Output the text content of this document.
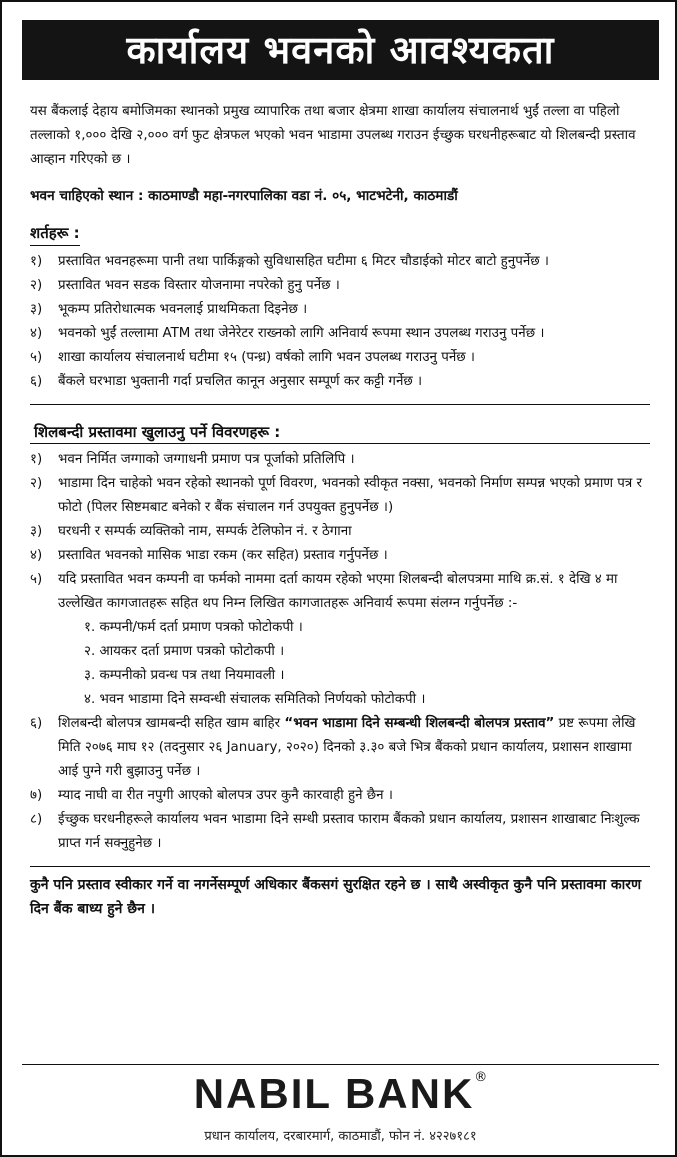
कार्यालय भवनको आवश्यकता

यस बैंकलाई देहाय बमोजिमका स्थानको प्रमुख व्यापारिक तथा बजार क्षेत्रमा शाखा कार्यालय संचालनार्थ भुईं तल्ला वा पहिलो तल्लाको १,००० देखि २,००० वर्ग फुट क्षेत्रफल भएको भवन भाडामा उपलब्ध गराउन ईच्छुक घरधनीहरूबाट यो शिलबन्दी प्रस्ताव आव्हान गरिएको छ ।

भवन चाहिएको स्थान : काठमाण्डौ महा-नगरपालिका वडा नं. ०५, भाटभटेनी, काठमाडौं

शर्तहरू :
१)	प्रस्तावित भवनहरूमा पानी तथा पार्किङ्गको सुविधासहित घटीमा ६ मिटर चौडाईको मोटर बाटो हुनुपर्नेछ ।
२)	प्रस्तावित भवन सडक विस्तार योजनामा नपरेको हुनु पर्नेछ ।
३)	भूकम्प प्रतिरोधात्मक भवनलाई प्राथमिकता दिइनेछ ।
४)	भवनको भुईं तल्लामा ATM तथा जेनेरेटर राख्नको लागि अनिवार्य रूपमा स्थान उपलब्ध गराउनु पर्नेछ ।
५)	शाखा कार्यालय संचालनार्थ घटीमा १५ (पन्ध्र) वर्षको लागि भवन उपलब्ध गराउनु पर्नेछ ।
६)	बैंकले घरभाडा भुक्तानी गर्दा प्रचलित कानून अनुसार सम्पूर्ण कर कट्टी गर्नेछ ।
शिलबन्दी प्रस्तावमा खुलाउनु पर्ने विवरणहरू :
१)	भवन निर्मित जग्गाको जग्गाधनी प्रमाण पत्र पूर्जाको प्रतिलिपि ।
२)	भाडामा दिन चाहेको भवन रहेको स्थानको पूर्ण विवरण, भवनको स्वीकृत नक्सा, भवनको निर्माण सम्पन्न भएको प्रमाण पत्र र फोटो (पिलर सिष्टमबाट बनेको र बैंक संचालन गर्न उपयुक्त हुनुपर्नेछ ।)
३)	घरधनी र सम्पर्क व्यक्तिको नाम, सम्पर्क टेलिफोन नं. र ठेगाना
४)	प्रस्तावित भवनको मासिक भाडा रकम (कर सहित) प्रस्ताव गर्नुपर्नेछ ।
५)	यदि प्रस्तावित भवन कम्पनी वा फर्मको नाममा दर्ता कायम रहेको भएमा शिलबन्दी बोलपत्रमा माथि क्र.सं. १ देखि ४ मा उल्लेखित कागजातहरू सहित थप निम्न लिखित कागजातहरू अनिवार्य रूपमा संलग्न गर्नुपर्नेछ :-

१. कम्पनी/फर्म दर्ता प्रमाण पत्रको फोटोकपी ।

२. आयकर दर्ता प्रमाण पत्रको फोटोकपी ।

३. कम्पनीको प्रवन्ध पत्र तथा नियमावली ।

४. भवन भाडामा दिने सम्वन्धी संचालक समितिको निर्णयको फोटोकपी ।

६)	शिलबन्दी बोलपत्र खामबन्दी सहित खाम बाहिर “भवन भाडामा दिने सम्बन्धी शिलबन्दी बोलपत्र प्रस्ताव” प्रष्ट रूपमा लेखि मिति २०७६ माघ १२ (तदनुसार २६ January, २०२०) दिनको ३.३० बजे भित्र बैंकको प्रधान कार्यालय, प्रशासन शाखामा आई पुग्ने गरी बुझाउनु पर्नेछ ।
७)	म्याद नाघी वा रीत नपुगी आएको बोलपत्र उपर कुनै कारवाही हुने छैन ।
८)	ईच्छुक घरधनीहरूले कार्यालय भवन भाडामा दिने सम्धी प्रस्ताव फाराम बैंकको प्रधान कार्यालय, प्रशासन शाखाबाट निःशुल्क प्राप्त गर्न सक्नुहुनेछ ।

कुनै पनि प्रस्ताव स्वीकार गर्ने वा नगर्नेसम्पूर्ण अधिकार बैंकसगं सुरक्षित रहने छ । साथै अस्वीकृत कुनै पनि प्रस्तावमा कारण दिन बैंक बाध्य हुने छैन ।

NABIL BANK®
प्रधान कार्यालय, दरबारमार्ग, काठमाडौं, फोन नं. ४२२७१८१
